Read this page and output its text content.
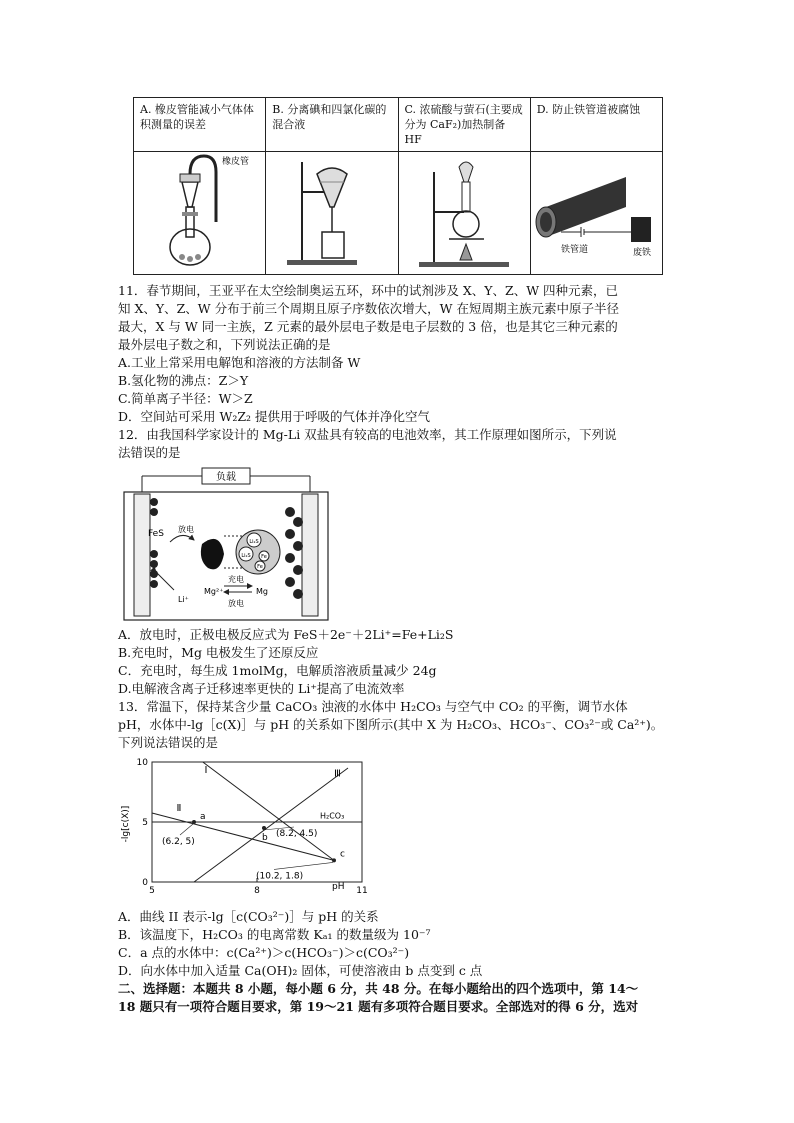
A. 橡皮管能减小气体体积测量的误差	B. 分离碘和四氯化碳的混合液	C. 浓硫酸与萤石(主要成分为 CaF₂)加热制备 HF	D. 防止铁管道被腐蚀

橡皮管			铁管道 废铁
11．春节期间，王亚平在太空绘制奥运五环，环中的试剂涉及 X、Y、Z、W 四种元素，已
知 X、Y、Z、W 分布于前三个周期且原子序数依次增大，W 在短周期主族元素中原子半径
最大，X 与 W 同一主族，Z 元素的最外层电子数是电子层数的 3 倍，也是其它三种元素的
最外层电子数之和，下列说法正确的是
A.工业上常采用电解饱和溶液的方法制备 W
B.氢化物的沸点：Z＞Y
C.简单离子半径：W＞Z
D．空间站可采用 W₂Z₂ 提供用于呼吸的气体并净化空气
12．由我国科学家设计的 Mg-Li 双盐具有较高的电池效率，其工作原理如图所示，下列说
法错误的是
负载
FeS 放电
Li₂S
Li₂S Fe
Fe
Li⁺
充电
Mg²⁺	Mg
放电
A．放电时，正极电极反应式为 FeS＋2e⁻＋2Li⁺=Fe+Li₂S
B.充电时，Mg 电极发生了还原反应
C．充电时，每生成 1molMg，电解质溶液质量减少 24g
D.电解液含离子迁移速率更快的 Li⁺提高了电流效率
13．常温下，保持某含少量 CaCO₃ 浊液的水体中 H₂CO₃ 与空气中 CO₂ 的平衡，调节水体
pH，水体中-lg［c(X)］与 pH 的关系如下图所示(其中 X 为 H₂CO₃、HCO₃⁻、CO₃²⁻或 Ca²⁺)。
下列说法错误的是
-lg[c(X)]
pH
5	8	11
0
5
10
Ⅰ
Ⅱ
Ⅲ
H₂CO₃
a
(6.2, 5)	b (8.2, 4.5)
c
(10.2, 1.8)
A．曲线 II 表示-lg［c(CO₃²⁻)］与 pH 的关系
B．该温度下，H₂CO₃ 的电离常数 Kₐ₁ 的数量级为 10⁻⁷
C．a 点的水体中：c(Ca²⁺)＞c(HCO₃⁻)＞c(CO₃²⁻)
D．向水体中加入适量 Ca(OH)₂ 固体，可使溶液由 b 点变到 c 点
二、选择题：本题共 8 小题，每小题 6 分，共 48 分。在每小题给出的四个选项中，第 14～
18 题只有一项符合题目要求，第 19～21 题有多项符合题目要求。全部选对的得 6 分，选对
